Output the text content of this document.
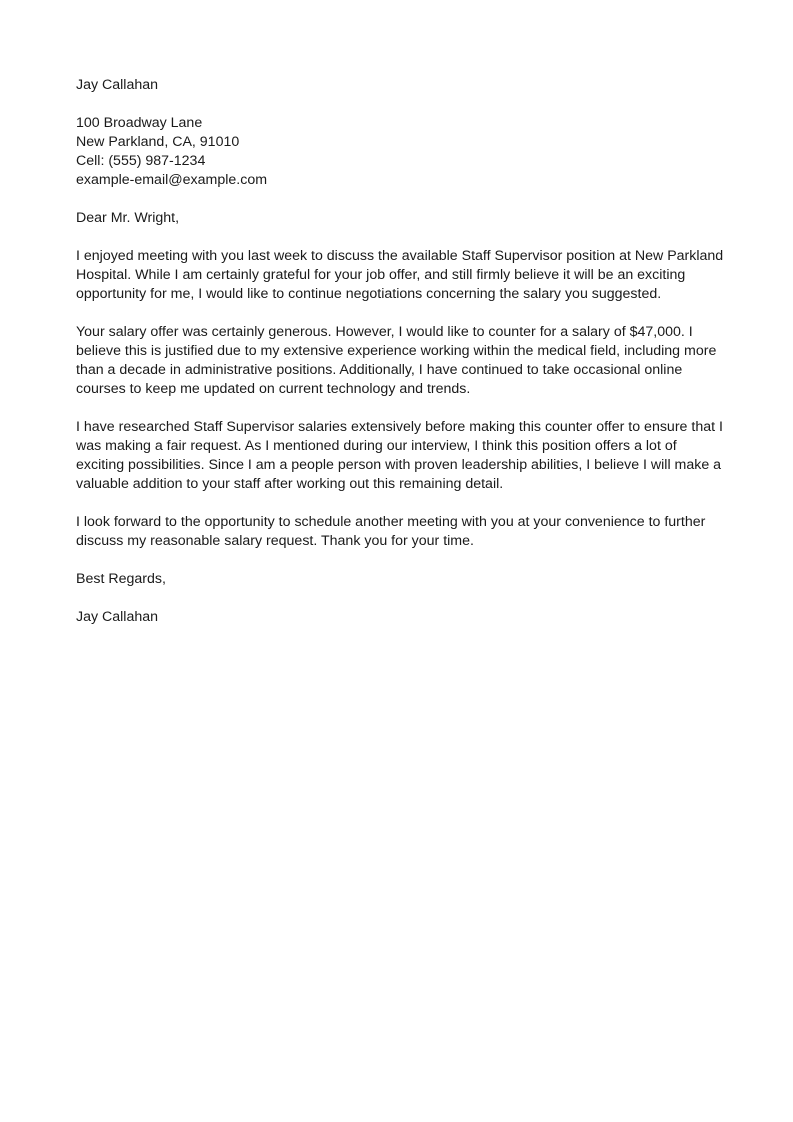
Jay Callahan
100 Broadway Lane
New Parkland, CA, 91010
Cell: (555) 987-1234
example-email@example.com
Dear Mr. Wright,
I enjoyed meeting with you last week to discuss the available Staff Supervisor position at New Parkland
Hospital. While I am certainly grateful for your job offer, and still firmly believe it will be an exciting
opportunity for me, I would like to continue negotiations concerning the salary you suggested.
Your salary offer was certainly generous. However, I would like to counter for a salary of $47,000. I
believe this is justified due to my extensive experience working within the medical field, including more
than a decade in administrative positions. Additionally, I have continued to take occasional online
courses to keep me updated on current technology and trends.
I have researched Staff Supervisor salaries extensively before making this counter offer to ensure that I
was making a fair request. As I mentioned during our interview, I think this position offers a lot of
exciting possibilities. Since I am a people person with proven leadership abilities, I believe I will make a
valuable addition to your staff after working out this remaining detail.
I look forward to the opportunity to schedule another meeting with you at your convenience to further
discuss my reasonable salary request. Thank you for your time.
Best Regards,
Jay Callahan
